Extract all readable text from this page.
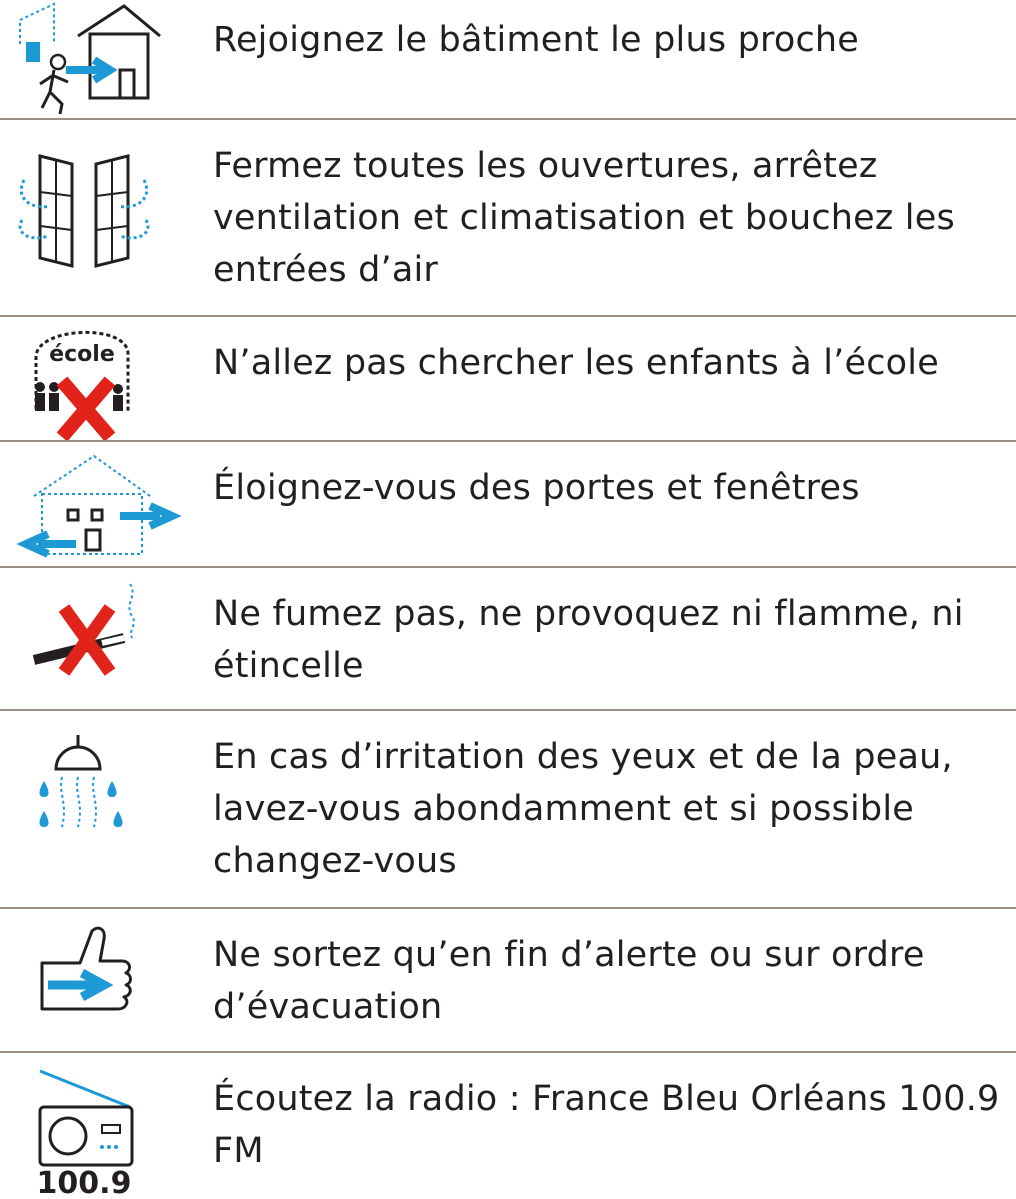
Rejoignez le bâtiment le plus proche
Fermez toutes les ouvertures, arrêtez ventilation et climatisation et bouchez les entrées d’air
école	N’allez pas chercher les enfants à l’école
Éloignez-vous des portes et fenêtres
Ne fumez pas, ne provoquez ni flamme, ni étincelle
En cas d’irritation des yeux et de la peau, lavez-vous abondamment et si possible changez-vous
Ne sortez qu’en fin d’alerte ou sur ordre d’évacuation
100.9
Écoutez la radio : France Bleu Orléans 100.9 FM
